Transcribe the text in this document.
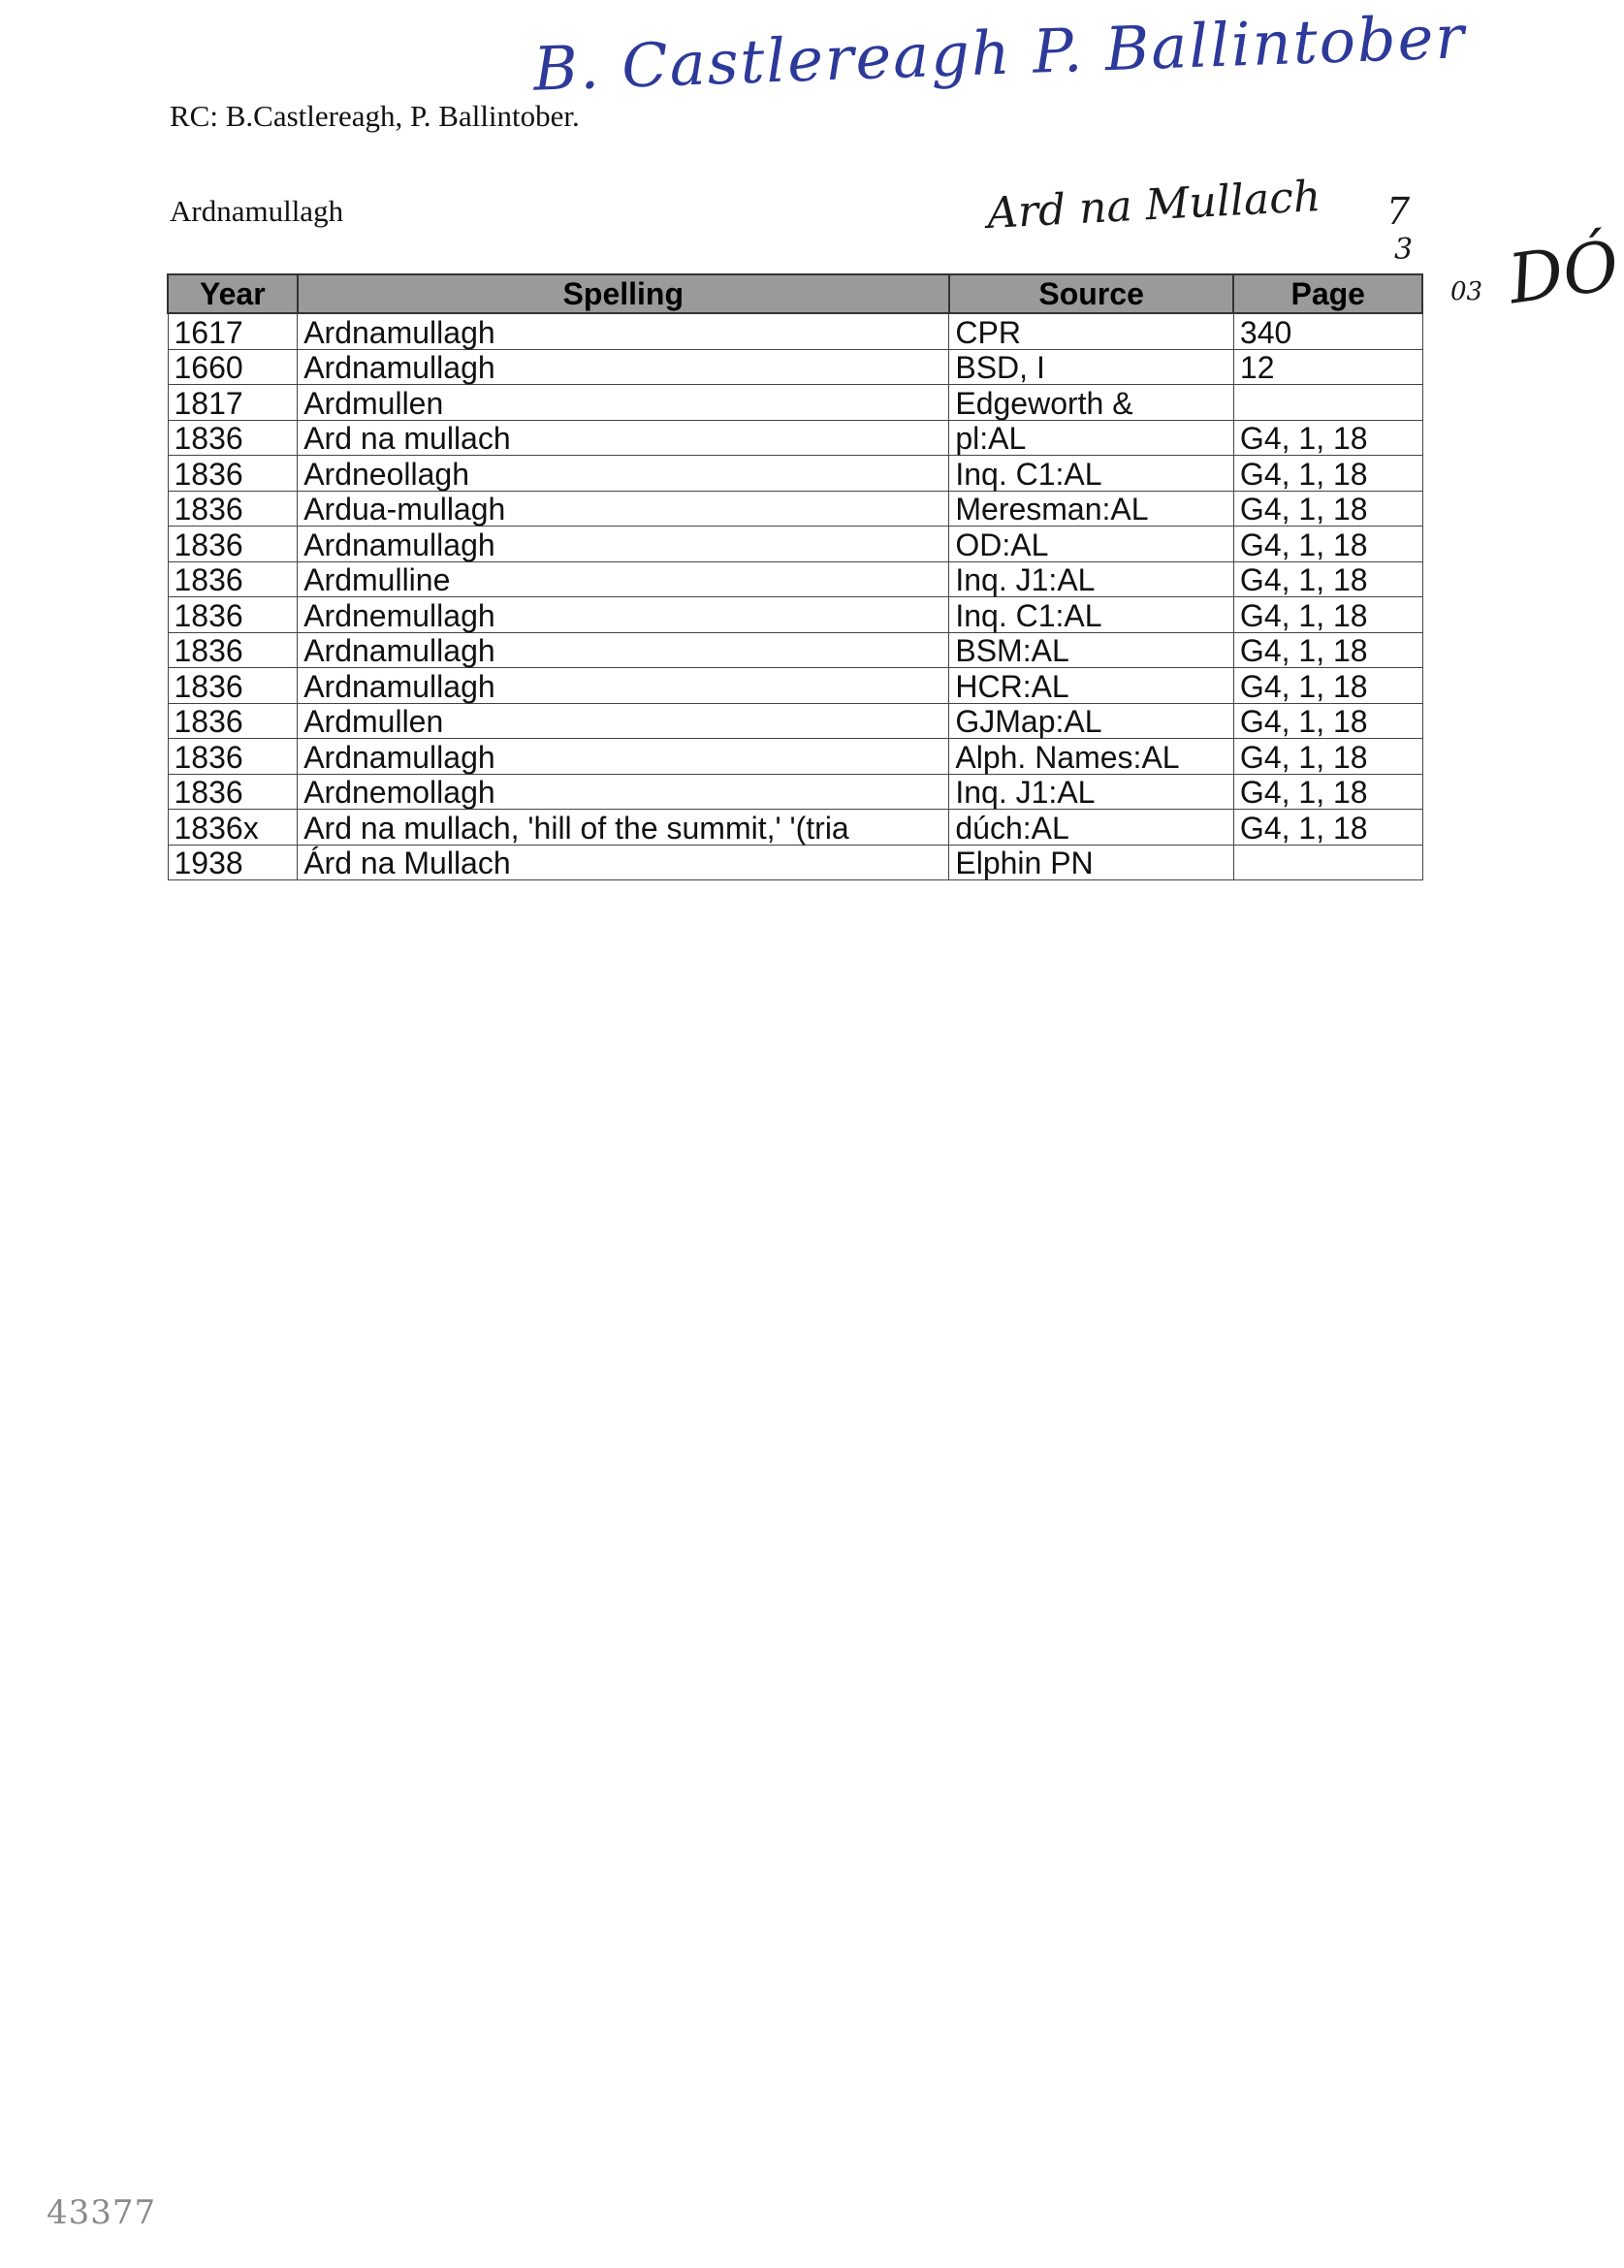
B. Castlereagh P. Ballintober
RC: B.Castlereagh, P. Ballintober.
Ardnamullagh	Ard na Mullach 7
3
03 DÓ
Year	Spelling	Source	Page
1617	Ardnamullagh	CPR	340
1660	Ardnamullagh	BSD, I	12
1817	Ardmullen	Edgeworth &	
1836	Ard na mullach	pl:AL	G4, 1, 18
1836	Ardneollagh	Inq. C1:AL	G4, 1, 18
1836	Ardua-mullagh	Meresman:AL	G4, 1, 18
1836	Ardnamullagh	OD:AL	G4, 1, 18
1836	Ardmulline	Inq. J1:AL	G4, 1, 18
1836	Ardnemullagh	Inq. C1:AL	G4, 1, 18
1836	Ardnamullagh	BSM:AL	G4, 1, 18
1836	Ardnamullagh	HCR:AL	G4, 1, 18
1836	Ardmullen	GJMap:AL	G4, 1, 18
1836	Ardnamullagh	Alph. Names:AL	G4, 1, 18
1836	Ardnemollagh	Inq. J1:AL	G4, 1, 18
1836x	Ard na mullach, 'hill of the summit,' '(tria	dúch:AL	G4, 1, 18
1938	Árd na Mullach	Elphin PN	
43377
